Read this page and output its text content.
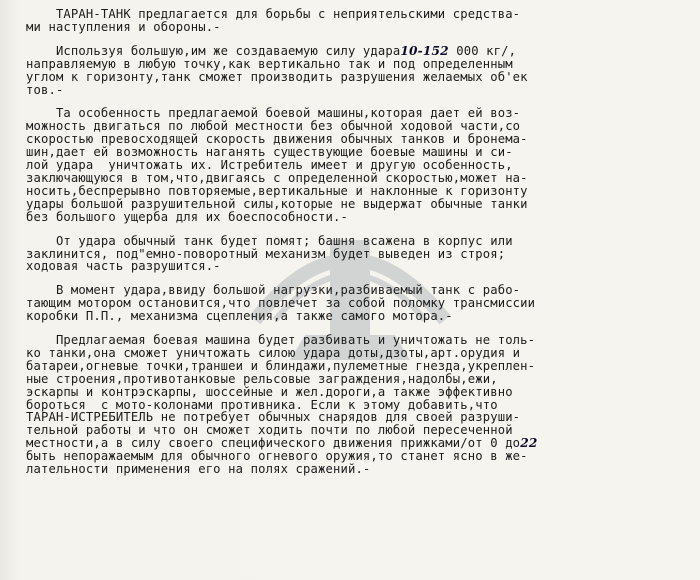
ТАРАН-ТАНК предлагается для борьбы с неприятельскими средства-
ми наступления и обороны.-
Используя большую,им же создаваемую силу удара10-152 000 кг/,
направляемую в любую точку,как вертикально так и под определенным
углом к горизонту,танк сможет производить разрушения желаемых об'ек
тов.-
Та особенность предлагаемой боевой машины,которая дает ей воз-
можность двигаться по любой местности без обычной ходовой части,со
скоростью превосходящей скорость движения обычных танков и бронема-
шин,дает ей возможность наганять существующие боевые машины и си-
лой удара  уничтожать их. Истребитель имеет и другую особенность,
заключающуюся в том,что,двигаясь с определенной скоростью,может на-
носить,беспрерывно повторяемые,вертикальные и наклонные к горизонту
удары большой разрушительной силы,которые не выдержат обычные танки
без большого ущерба для их боеспособности.-
От удара обычный танк будет помят; башня всажена в корпус или
заклинится, под"емно-поворотный механизм будет выведен из строя;
ходовая часть разрушится.-
В момент удара,ввиду большой нагрузки,разбиваемый танк с рабо-
тающим мотором остановится,что повлечет за собой поломку трансмиссии
коробки П.П., механизма сцепления,а также самого мотора.-
Предлагаемая боевая машина будет разбивать и уничтожать не толь-
ко танки,она сможет уничтожать силою удара доты,дзоты,арт.орудия и
батареи,огневые точки,траншеи и блиндажи,пулеметные гнезда,укреплен-
ные строения,противотанковые рельсовые заграждения,надолбы,ежи,
эскарпы и контрэскарпы, шоссейные и жел.дороги,а также эффективно
бороться  с мото-колонами противника. Если к этому добавить,что
ТАРАН-ИСТРЕБИТЕЛЬ не потребует обычных снарядов для своей разруши-
тельной работы и что он сможет ходить почти по любой пересеченной
местности,а в силу своего специфического движения прижками/от 0 до22
быть непоражаемым для обычного огневого оружия,то станет ясно в же-
лательности применения его на полях сражений.-
